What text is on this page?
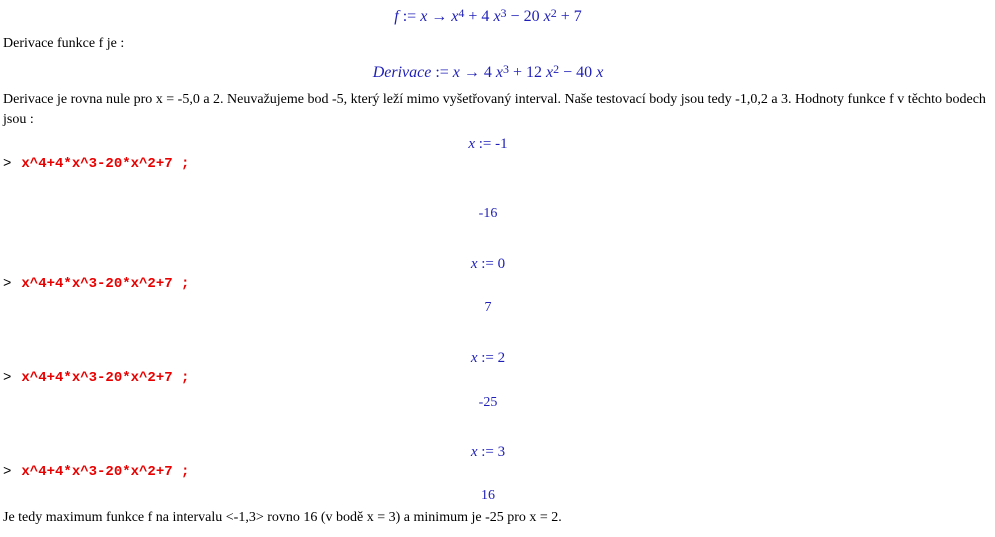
f := $x \to x^4 + 4$ $x^3 - 20$ $x^2 + 7$
Derivace funkce f je :
Derivace := x → 4 $x^3 + 12$ $x^2 - 40$ x
Derivace je rovna nule pro x = -5,0 a 2. Neuvažujeme bod -5, který leží mimo vyšetřovaný interval. Naše testovací body jsou tedy -1,0,2 a 3. Hodnoty funkce f v těchto bodech jsou :
x := -1
> x^4+4*x^3-20*x^2+7 ;
-16
x := 0
> x^4+4*x^3-20*x^2+7 ;
7
x := 2
> x^4+4*x^3-20*x^2+7 ;
-25
x := 3
> x^4+4*x^3-20*x^2+7 ;
16
Je tedy maximum funkce f na intervalu <-1,3> rovno 16 (v bodě x = 3) a minimum je -25 pro x = 2.
